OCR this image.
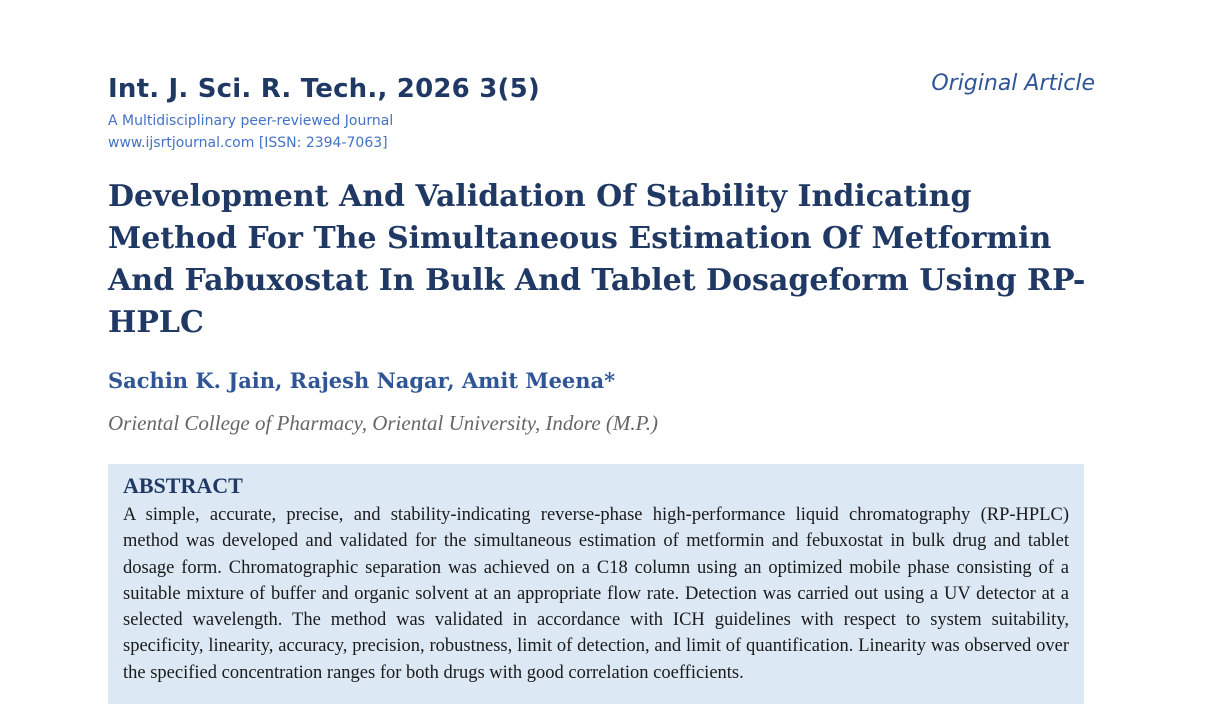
Int. J. Sci. R. Tech., 2026 3(5)
A Multidisciplinary peer-reviewed Journal
www.ijsrtjournal.com [ISSN: 2394-7063]
Original Article
Development And Validation Of Stability Indicating
Method For The Simultaneous Estimation Of Metformin
And Fabuxostat In Bulk And Tablet Dosageform Using RP-
HPLC
Sachin K. Jain, Rajesh Nagar, Amit Meena*
Oriental College of Pharmacy, Oriental University, Indore (M.P.)
ABSTRACT

A simple, accurate, precise, and stability-indicating reverse-phase high-performance liquid chromatography (RP-HPLC) method was developed and validated for the simultaneous estimation of metformin and febuxostat in bulk drug and tablet dosage form. Chromatographic separation was achieved on a C18 column using an optimized mobile phase consisting of a suitable mixture of buffer and organic solvent at an appropriate flow rate. Detection was carried out using a UV detector at a selected wavelength. The method was validated in accordance with ICH guidelines with respect to system suitability, specificity, linearity, accuracy, precision, robustness, limit of detection, and limit of quantification. Linearity was observed over the specified concentration ranges for both drugs with good correlation coefficients.
